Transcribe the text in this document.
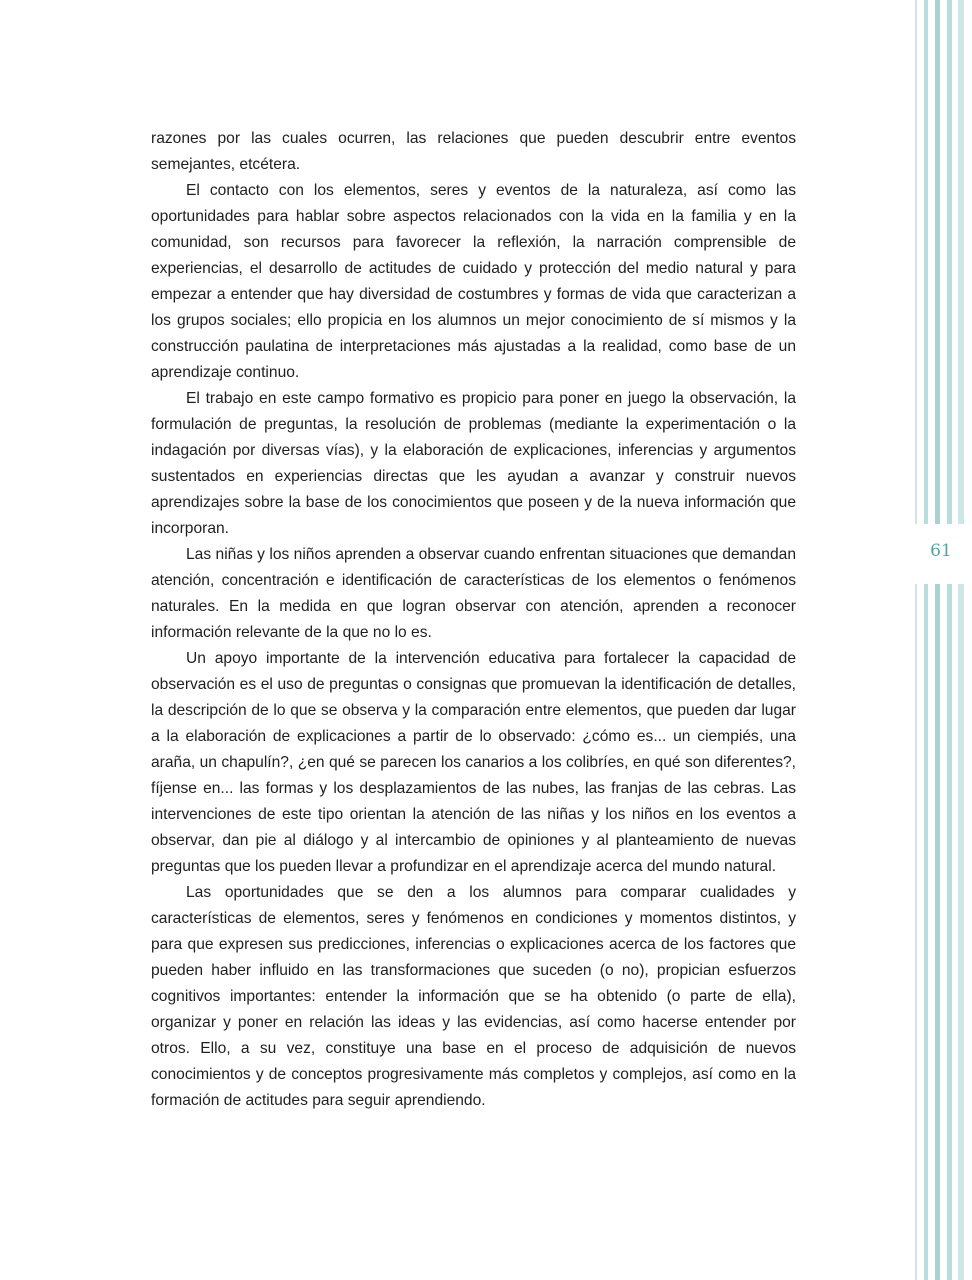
razones por las cuales ocurren, las relaciones que pueden descubrir entre eventos semejantes, etcétera.

El contacto con los elementos, seres y eventos de la naturaleza, así como las oportunidades para hablar sobre aspectos relacionados con la vida en la familia y en la comunidad, son recursos para favorecer la reflexión, la narración comprensible de experiencias, el desarrollo de actitudes de cuidado y protección del medio natural y para empezar a entender que hay diversidad de costumbres y formas de vida que caracterizan a los grupos sociales; ello propicia en los alumnos un mejor conocimiento de sí mismos y la construcción paulatina de interpretaciones más ajustadas a la realidad, como base de un aprendizaje continuo.

El trabajo en este campo formativo es propicio para poner en juego la observación, la formulación de preguntas, la resolución de problemas (mediante la experimentación o la indagación por diversas vías), y la elaboración de explicaciones, inferencias y argumentos sustentados en experiencias directas que les ayudan a avanzar y construir nuevos aprendizajes sobre la base de los conocimientos que poseen y de la nueva información que incorporan.

Las niñas y los niños aprenden a observar cuando enfrentan situaciones que demandan atención, concentración e identificación de características de los elementos o fenómenos naturales. En la medida en que logran observar con atención, aprenden a reconocer información relevante de la que no lo es.

Un apoyo importante de la intervención educativa para fortalecer la capacidad de observación es el uso de preguntas o consignas que promuevan la identificación de detalles, la descripción de lo que se observa y la comparación entre elementos, que pueden dar lugar a la elaboración de explicaciones a partir de lo observado: ¿cómo es... un ciempiés, una araña, un chapulín?, ¿en qué se parecen los canarios a los colibríes, en qué son diferentes?, fíjense en... las formas y los desplazamientos de las nubes, las franjas de las cebras. Las intervenciones de este tipo orientan la atención de las niñas y los niños en los eventos a observar, dan pie al diálogo y al intercambio de opiniones y al planteamiento de nuevas preguntas que los pueden llevar a profundizar en el aprendizaje acerca del mundo natural.

Las oportunidades que se den a los alumnos para comparar cualidades y características de elementos, seres y fenómenos en condiciones y momentos distintos, y para que expresen sus predicciones, inferencias o explicaciones acerca de los factores que pueden haber influido en las transformaciones que suceden (o no), propician esfuerzos cognitivos importantes: entender la información que se ha obtenido (o parte de ella), organizar y poner en relación las ideas y las evidencias, así como hacerse entender por otros. Ello, a su vez, constituye una base en el proceso de adquisición de nuevos conocimientos y de conceptos progresivamente más completos y complejos, así como en la formación de actitudes para seguir aprendiendo.

61
